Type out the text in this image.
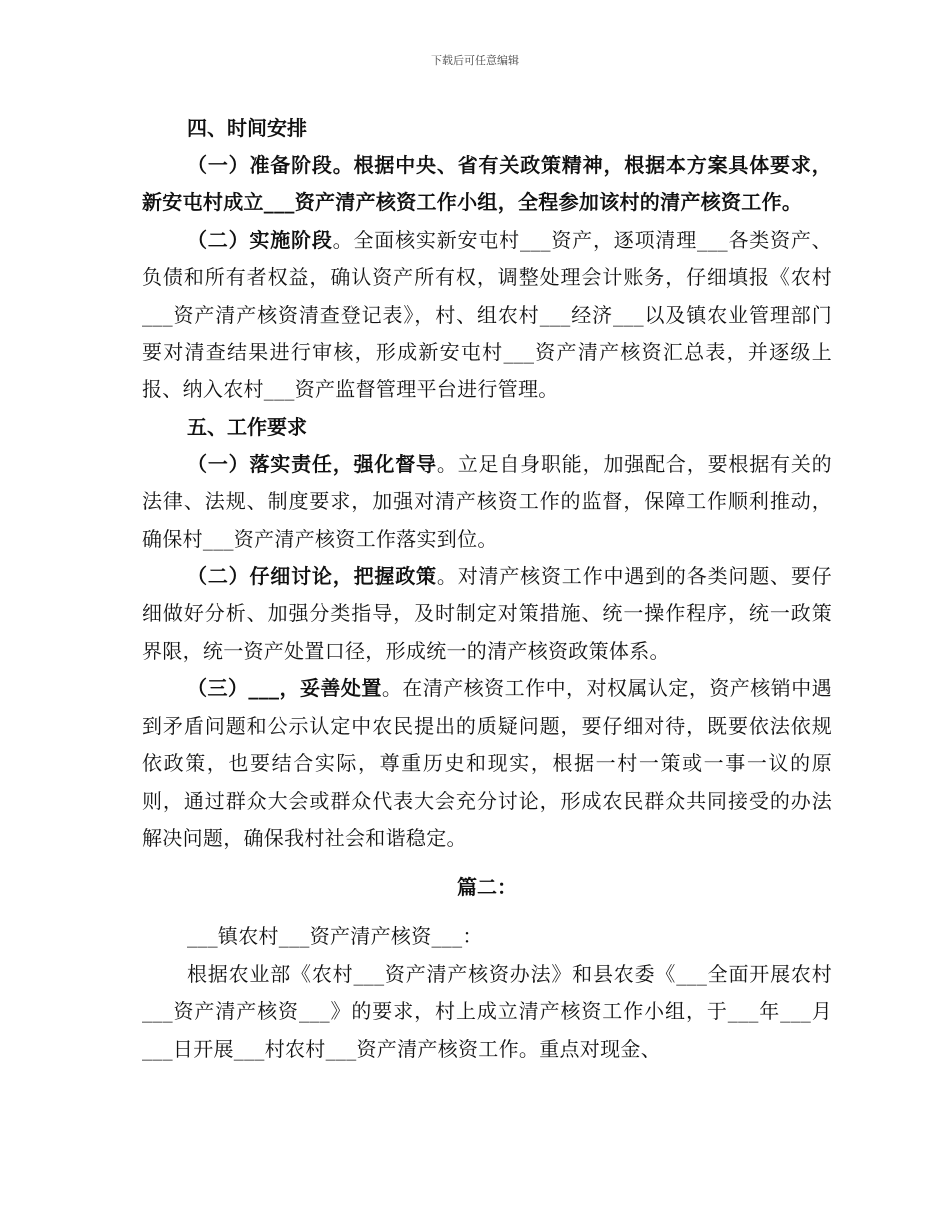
下载后可任意编辑
四、时间安排
（一）准备阶段。根据中央、省有关政策精神，根据本方案具体要求，新安屯村成立___资产清产核资工作小组，全程参加该村的清产核资工作。
（二）实施阶段。全面核实新安屯村___资产，逐项清理___各类资产、负债和所有者权益，确认资产所有权，调整处理会计账务，仔细填报《农村___资产清产核资清查登记表》，村、组农村___经济___以及镇农业管理部门要对清查结果进行审核，形成新安屯村___资产清产核资汇总表，并逐级上报、纳入农村___资产监督管理平台进行管理。
五、工作要求
（一）落实责任，强化督导。立足自身职能，加强配合，要根据有关的法律、法规、制度要求，加强对清产核资工作的监督，保障工作顺利推动，确保村___资产清产核资工作落实到位。
（二）仔细讨论，把握政策。对清产核资工作中遇到的各类问题、要仔细做好分析、加强分类指导，及时制定对策措施、统一操作程序，统一政策界限，统一资产处置口径，形成统一的清产核资政策体系。
（三）___，妥善处置。在清产核资工作中，对权属认定，资产核销中遇到矛盾问题和公示认定中农民提出的质疑问题，要仔细对待，既要依法依规依政策，也要结合实际，尊重历史和现实，根据一村一策或一事一议的原则，通过群众大会或群众代表大会充分讨论，形成农民群众共同接受的办法解决问题，确保我村社会和谐稳定。
篇二：
___镇农村___资产清产核资___：
根据农业部《农村___资产清产核资办法》和县农委《___全面开展农村___资产清产核资___》的要求，村上成立清产核资工作小组，于___年___月___日开展___村农村___资产清产核资工作。重点对现金、
